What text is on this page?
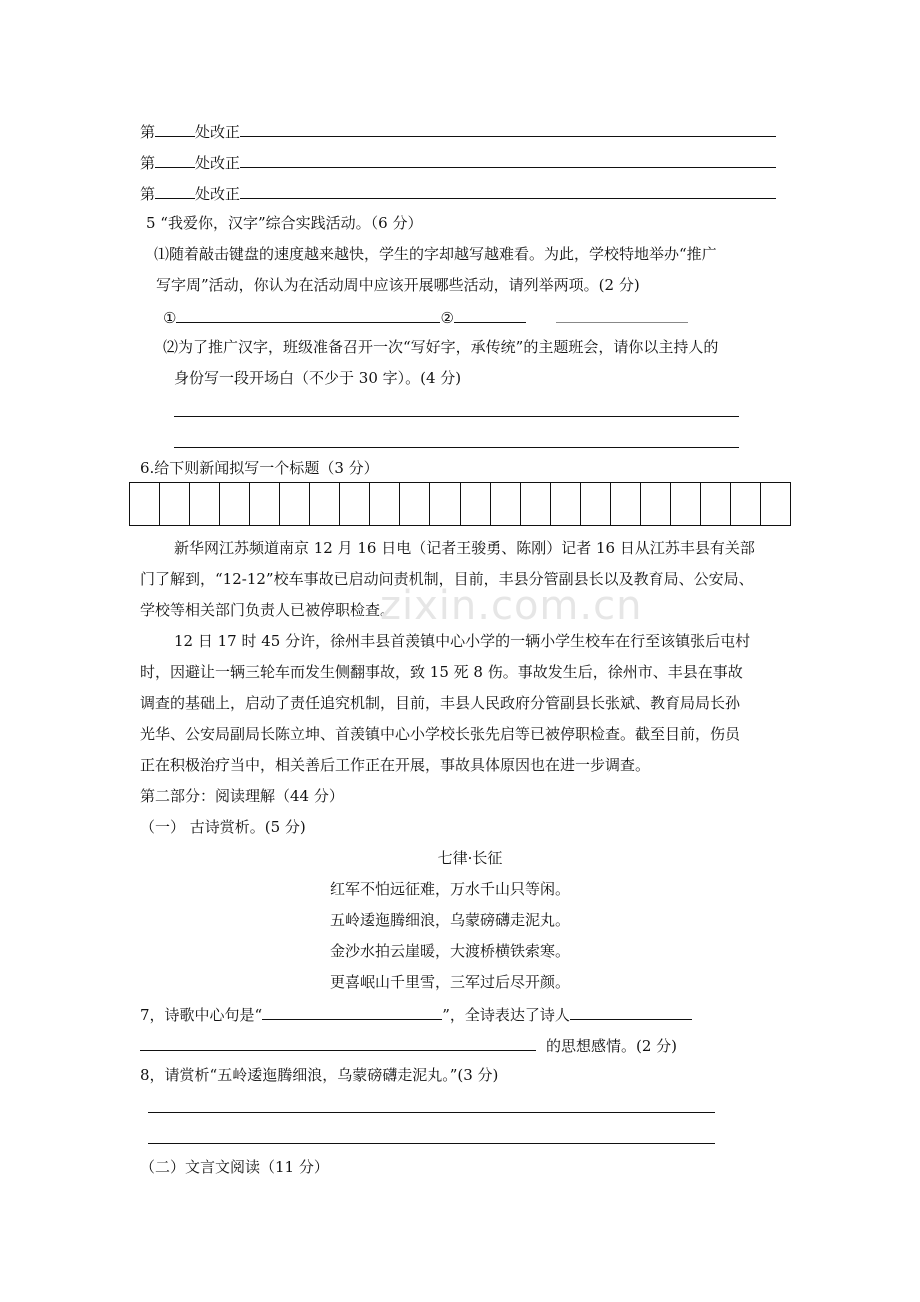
第	处改正
第	处改正
第	处改正
5 “我爱你，汉字”综合实践活动。（6 分）
⑴随着敲击键盘的速度越来越快，学生的字却越写越难看。为此，学校特地举办“推广
写字周”活动，你认为在活动周中应该开展哪些活动，请列举两项。(2 分)
①	②
⑵为了推广汉字，班级准备召开一次“写好字，承传统”的主题班会，请你以主持人的
身份写一段开场白（不少于 30 字）。(4 分)
6.给下则新闻拟写一个标题（3 分）
新华网江苏频道南京 12 月 16 日电（记者王骏勇、陈刚）记者 16 日从江苏丰县有关部
门了解到，“12-12”校车事故已启动问责机制，目前，丰县分管副县长以及教育局、公安局、
学校等相关部门负责人已被停职检查。
12 日 17 时 45 分许，徐州丰县首羡镇中心小学的一辆小学生校车在行至该镇张后屯村
时，因避让一辆三轮车而发生侧翻事故，致 15 死 8 伤。事故发生后，徐州市、丰县在事故
调查的基础上，启动了责任追究机制，目前，丰县人民政府分管副县长张斌、教育局局长孙
光华、公安局副局长陈立坤、首羡镇中心小学校长张先启等已被停职检查。截至目前，伤员
正在积极治疗当中，相关善后工作正在开展，事故具体原因也在进一步调查。
zixin.com.cn
第二部分：阅读理解（44 分）
（一） 古诗赏析。(5 分)
七律·长征
红军不怕远征难，万水千山只等闲。
五岭逶迤腾细浪，乌蒙磅礴走泥丸。
金沙水拍云崖暖，大渡桥横铁索寒。
更喜岷山千里雪，三军过后尽开颜。
7，诗歌中心句是“	”，全诗表达了诗人
的思想感情。(2 分)
8，请赏析“五岭逶迤腾细浪，乌蒙磅礴走泥丸。”(3 分)
（二）文言文阅读（11 分）
